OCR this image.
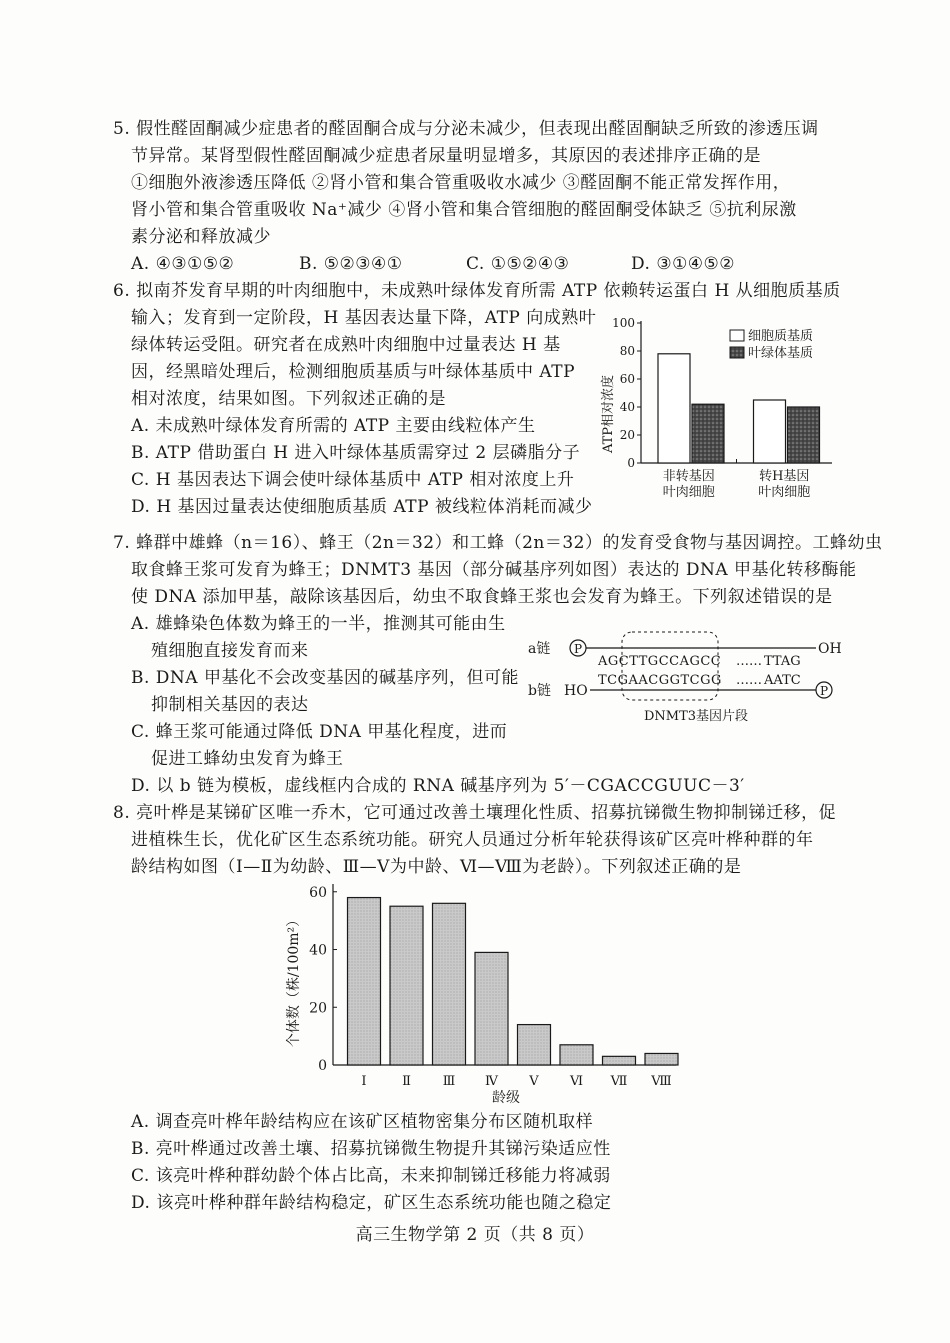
5. 假性醛固酮减少症患者的醛固酮合成与分泌未减少，但表现出醛固酮缺乏所致的渗透压调
节异常。某肾型假性醛固酮减少症患者尿量明显增多，其原因的表述排序正确的是
①细胞外液渗透压降低 ②肾小管和集合管重吸收水减少 ③醛固酮不能正常发挥作用，
肾小管和集合管重吸收 Na⁺减少 ④肾小管和集合管细胞的醛固酮受体缺乏 ⑤抗利尿激
素分泌和释放减少
A. ④③①⑤②	B. ⑤②③④①	C. ①⑤②④③	D. ③①④⑤②
6. 拟南芥发育早期的叶肉细胞中，未成熟叶绿体发育所需 ATP 依赖转运蛋白 H 从细胞质基质
输入；发育到一定阶段，H 基因表达量下降，ATP 向成熟叶
绿体转运受阻。研究者在成熟叶肉细胞中过量表达 H 基
因，经黑暗处理后，检测细胞质基质与叶绿体基质中 ATP
相对浓度，结果如图。下列叙述正确的是
A. 未成熟叶绿体发育所需的 ATP 主要由线粒体产生
B. ATP 借助蛋白 H 进入叶绿体基质需穿过 2 层磷脂分子
C. H 基因表达下调会使叶绿体基质中 ATP 相对浓度上升
D. H 基因过量表达使细胞质基质 ATP 被线粒体消耗而减少
0
20
40
60
80
100
非转基因
叶肉细胞
转H基因
叶肉细胞
ATP相对浓度
细胞质基质
叶绿体基质
7. 蜂群中雄蜂（n＝16）、蜂王（2n＝32）和工蜂（2n＝32）的发育受食物与基因调控。工蜂幼虫
取食蜂王浆可发育为蜂王；DNMT3 基因（部分碱基序列如图）表达的 DNA 甲基化转移酶能
使 DNA 添加甲基，敲除该基因后，幼虫不取食蜂王浆也会发育为蜂王。下列叙述错误的是
A. 雄蜂染色体数为蜂王的一半，推测其可能由生
殖细胞直接发育而来
B. DNA 甲基化不会改变基因的碱基序列，但可能
抑制相关基因的表达
C. 蜂王浆可能通过降低 DNA 甲基化程度，进而
促进工蜂幼虫发育为蜂王
D. 以 b 链为模板，虚线框内合成的 RNA 碱基序列为 5′－CGACCGUUC－3′
a链 P	OH
AGCTTGCCAGCC …… TTAG
b链 HO	P
TCGAACGGTCGG …… AATC
DNMT3基因片段
8. 亮叶桦是某锑矿区唯一乔木，它可通过改善土壤理化性质、招募抗锑微生物抑制锑迁移，促
进植株生长，优化矿区生态系统功能。研究人员通过分析年轮获得该矿区亮叶桦种群的年
龄结构如图（Ⅰ—Ⅱ为幼龄、Ⅲ—Ⅴ为中龄、Ⅵ—Ⅷ为老龄）。下列叙述正确的是
0
20
40
60
Ⅰ	Ⅱ Ⅲ Ⅳ Ⅴ Ⅵ Ⅶ Ⅷ
个体数（株/100m²）
龄级
A. 调查亮叶桦年龄结构应在该矿区植物密集分布区随机取样
B. 亮叶桦通过改善土壤、招募抗锑微生物提升其锑污染适应性
C. 该亮叶桦种群幼龄个体占比高，未来抑制锑迁移能力将减弱
D. 该亮叶桦种群年龄结构稳定，矿区生态系统功能也随之稳定
高三生物学第 2 页（共 8 页）
